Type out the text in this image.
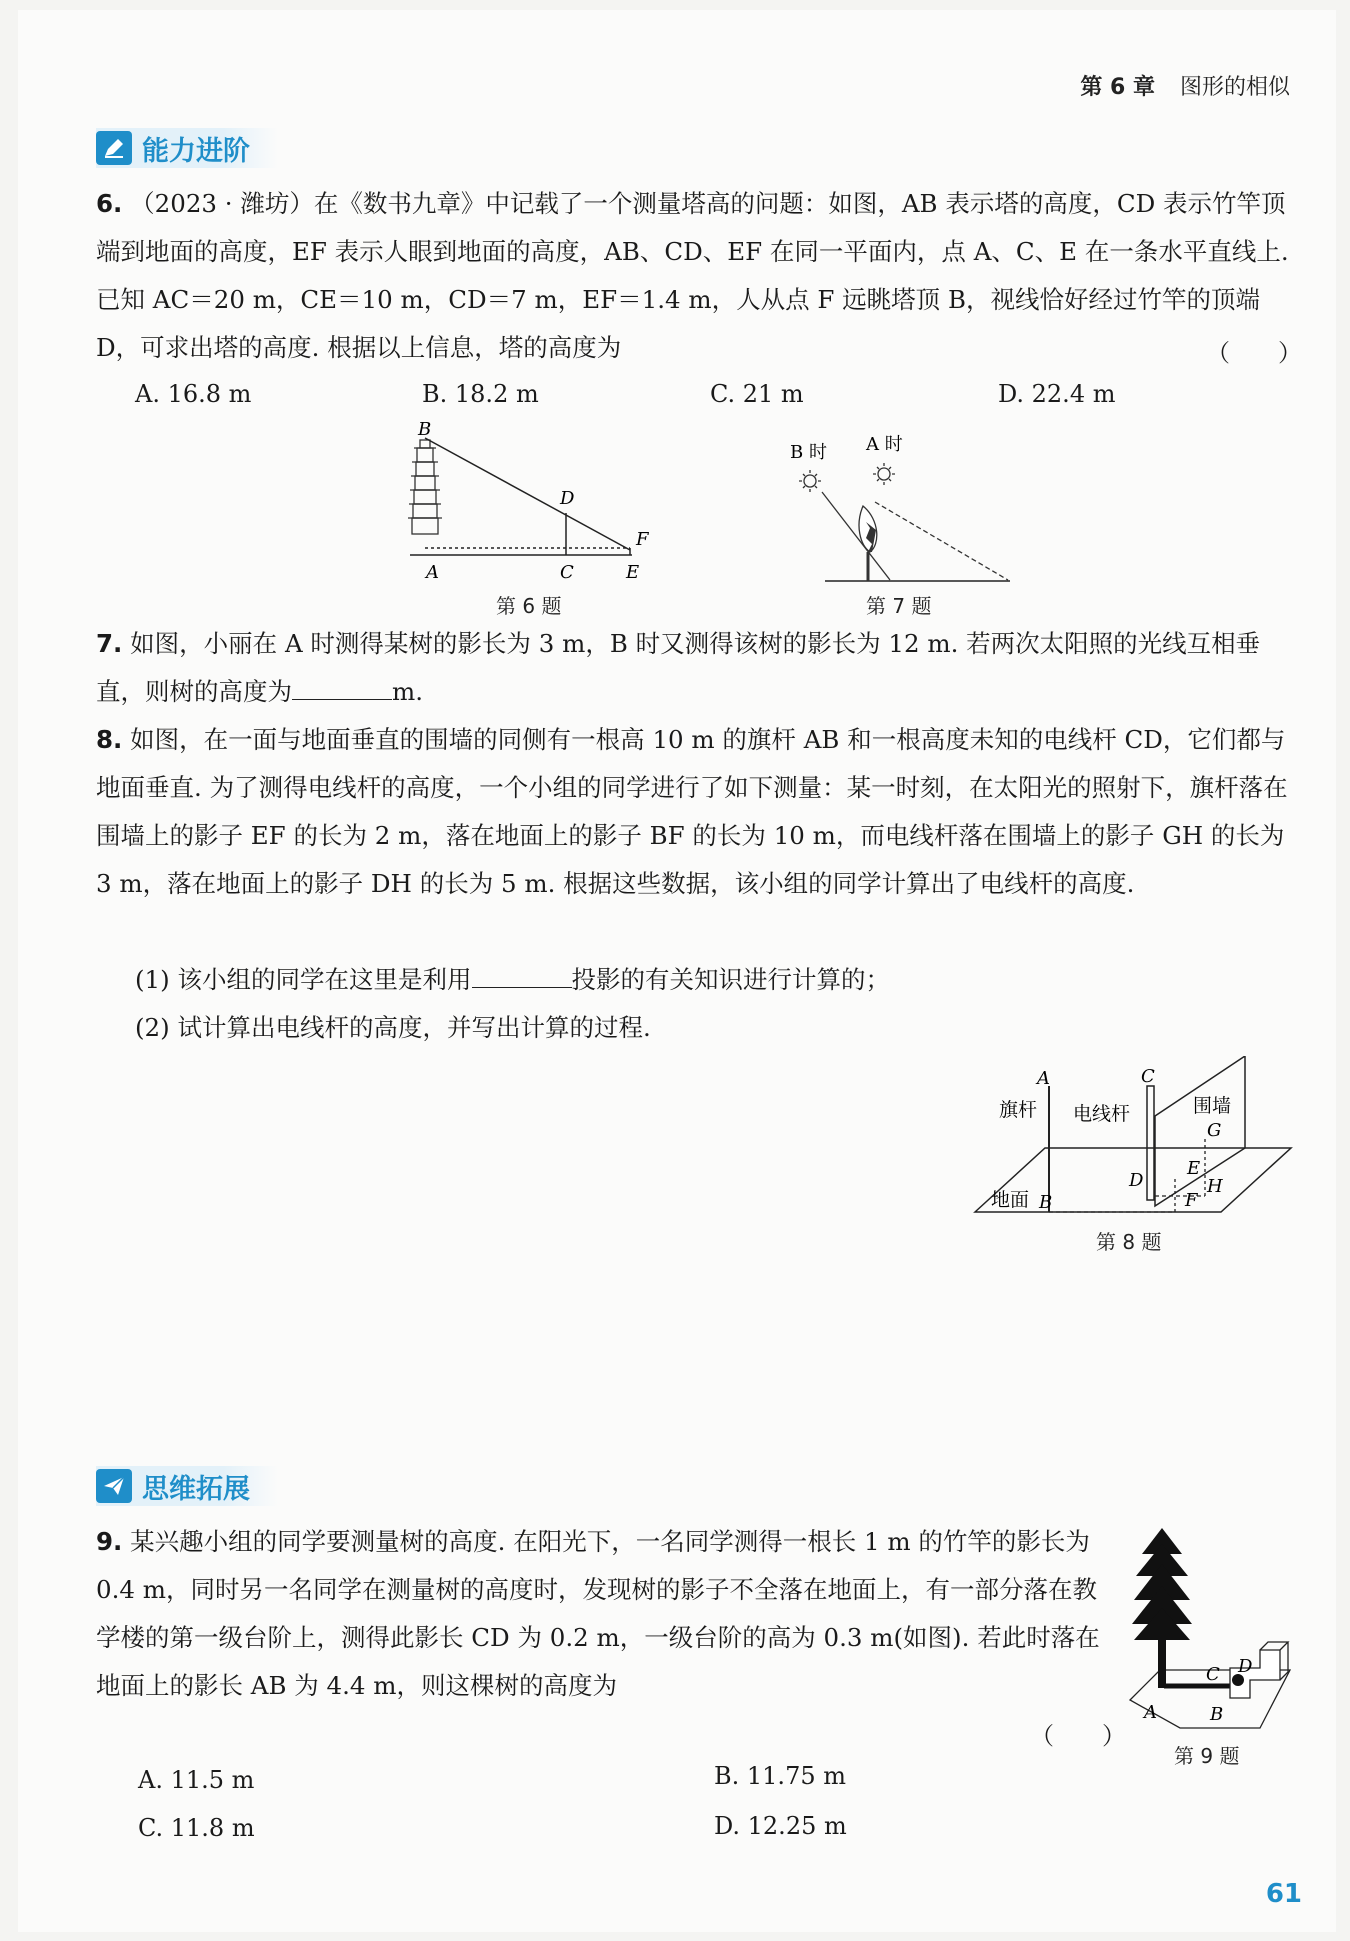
第 6 章 图形的相似
能力进阶
6. （2023 · 潍坊）在《数书九章》中记载了一个测量塔高的问题：如图，AB 表示塔的高度，CD 表示竹竿顶端到地面的高度，EF 表示人眼到地面的高度，AB、CD、EF 在同一平面内，点 A、C、E 在一条水平直线上. 已知 AC＝20 m，CE＝10 m，CD＝7 m，EF＝1.4 m，人从点 F 远眺塔顶 B，视线恰好经过竹竿的顶端 D，可求出塔的高度. 根据以上信息，塔的高度为	（　　）
A. 16.8 m	B. 18.2 m	C. 21 m	D. 22.4 m
B
D
F
A	C	E
第 6 题
B 时 A 时
第 7 题
7. 如图，小丽在 A 时测得某树的影长为 3 m，B 时又测得该树的影长为 12 m. 若两次太阳照的光线互相垂直，则树的高度为	m.
8. 如图，在一面与地面垂直的围墙的同侧有一根高 10 m 的旗杆 AB 和一根高度未知的电线杆 CD，它们都与地面垂直. 为了测得电线杆的高度，一个小组的同学进行了如下测量：某一时刻，在太阳光的照射下，旗杆落在围墙上的影子 EF 的长为 2 m，落在地面上的影子 BF 的长为 10 m，而电线杆落在围墙上的影子 GH 的长为 3 m，落在地面上的影子 DH 的长为 5 m. 根据这些数据，该小组的同学计算出了电线杆的高度.
(1) 该小组的同学在这里是利用	投影的有关知识进行计算的；
(2) 试计算出电线杆的高度，并写出计算的过程.
A	C
旗杆 电线杆	围墙
G
E
D	H
地面 B	F
第 8 题
思维拓展
9. 某兴趣小组的同学要测量树的高度. 在阳光下，一名同学测得一根长 1 m 的竹竿的影长为 0.4 m，同时另一名同学在测量树的高度时，发现树的影子不全落在地面上，有一部分落在教学楼的第一级台阶上，测得此影长 CD 为 0.2 m，一级台阶的高为 0.3 m(如图). 若此时落在地面上的影长 AB 为 4.4 m，则这棵树的高度为
（　　）
A. 11.5 m	B. 11.75 m
C. 11.8 m	D. 12.25 m
C D
A	B
第 9 题
61
